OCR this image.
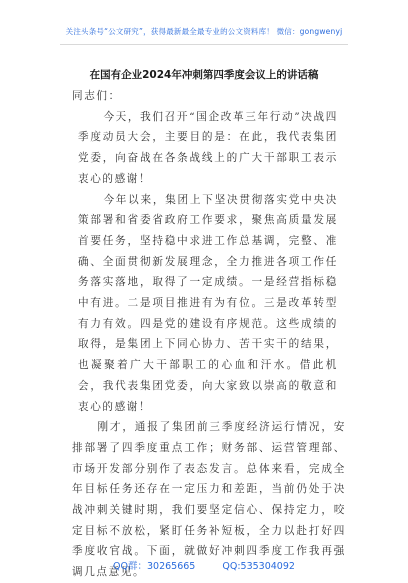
关注头条号“公文研究”，获得最新最全最专业的公文资料库！ 微信：gongwenyj
在国有企业2024年冲刺第四季度会议上的讲话稿

同志们：

今天，我们召开“国企改革三年行动”决战四季度动员大会，主要目的是：在此，我代表集团党委，向奋战在各条战线上的广大干部职工表示衷心的感谢！

今年以来，集团上下坚决贯彻落实党中央决策部署和省委省政府工作要求，聚焦高质量发展首要任务，坚持稳中求进工作总基调，完整、准确、全面贯彻新发展理念，全力推进各项工作任务落实落地，取得了一定成绩。一是经营指标稳中有进。二是项目推进有为有位。三是改革转型有力有效。四是党的建设有序规范。这些成绩的取得，是集团上下同心协力、苦干实干的结果，也凝聚着广大干部职工的心血和汗水。借此机会，我代表集团党委，向大家致以崇高的敬意和衷心的感谢！

刚才，通报了集团前三季度经济运行情况，安排部署了四季度重点工作；财务部、运营管理部、市场开发部分别作了表态发言。总体来看，完成全年目标任务还存在一定压力和差距，当前仍处于决战冲刺关键时期，我们要坚定信心、保持定力，咬定目标不放松，紧盯任务补短板，全力以赴打好四季度收官战。下面，就做好冲刺四季度工作我再强调几点意见。

QQ群：30265665	QQ:535304092
